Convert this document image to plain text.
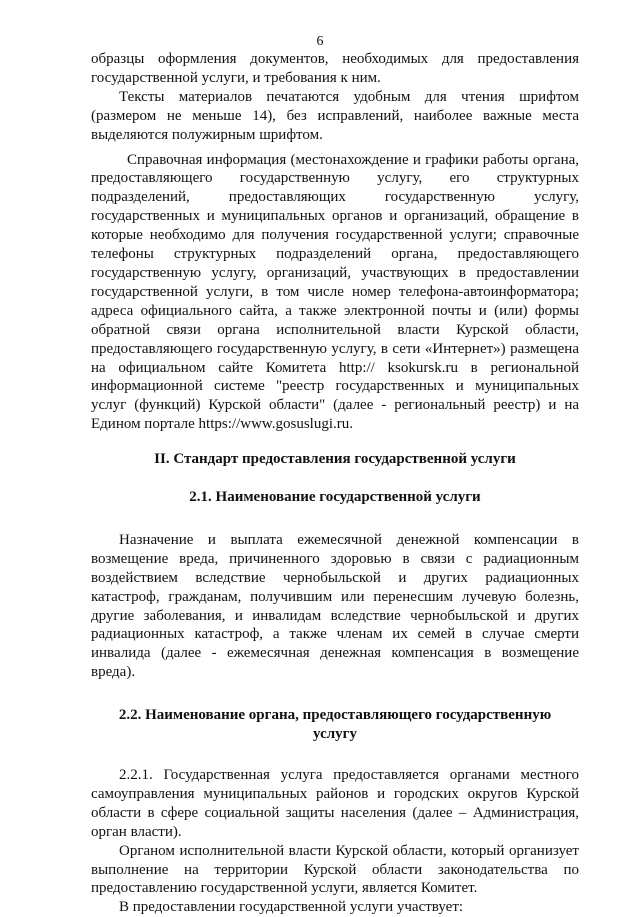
6

образцы оформления документов, необходимых для предоставления государственной услуги, и требования к ним.

Тексты материалов печатаются удобным для чтения шрифтом (размером не меньше 14), без исправлений, наиболее важные места выделяются полужирным шрифтом.

Справочная информация (местонахождение и графики работы органа, предоставляющего государственную услугу, его структурных подразделений, предоставляющих государственную услугу, государственных и муниципальных органов и организаций, обращение в которые необходимо для получения государственной услуги; справочные телефоны структурных подразделений органа, предоставляющего государственную услугу, организаций, участвующих в предоставлении государственной услуги, в том числе номер телефона-автоинформатора; адреса официального сайта, а также электронной почты и (или) формы обратной связи органа исполнительной власти Курской области, предоставляющего государственную услугу, в сети «Интернет») размещена на официальном сайте Комитета http:// ksokursk.ru в региональной информационной системе "реестр государственных и муниципальных услуг (функций) Курской области" (далее - региональный реестр) и на Едином портале https://www.gosuslugi.ru.

II. Стандарт предоставления государственной услуги
2.1. Наименование государственной услуги

Назначение и выплата ежемесячной денежной компенсации в возмещение вреда, причиненного здоровью в связи с радиационным воздействием вследствие чернобыльской и других радиационных катастроф, гражданам, получившим или перенесшим лучевую болезнь, другие заболевания, и инвалидам вследствие чернобыльской и других радиационных катастроф, а также членам их семей в случае смерти инвалида (далее - ежемесячная денежная компенсация в возмещение вреда).

2.2. Наименование органа, предоставляющего государственную
услугу

2.2.1. Государственная услуга предоставляется органами местного самоуправления муниципальных районов и городских округов Курской области в сфере социальной защиты населения (далее – Администрация, орган власти).

Органом исполнительной власти Курской области, который организует выполнение на территории Курской области законодательства по предоставлению государственной услуги, является Комитет.

В предоставлении государственной услуги участвует:
